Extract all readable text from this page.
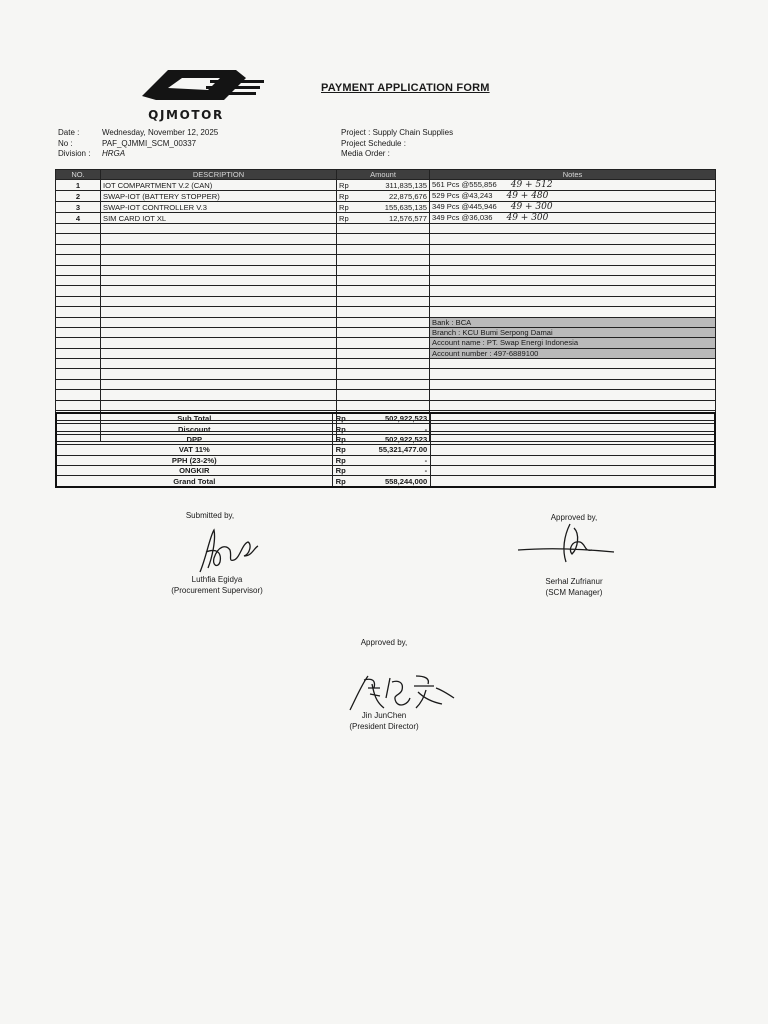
QJMOTOR
PAYMENT APPLICATION FORM
Date :	Wednesday, November 12, 2025
No :	PAF_QJMMI_SCM_00337
Division :	HRGA
Project : Supply Chain Supplies
Project Schedule :
Media Order :
NO.	DESCRIPTION	Amount		Notes
1	IOT COMPARTMENT V.2 (CAN)	Rp	311,835,135	561 Pcs @555,856 49 + 512
2	SWAP-IOT (BATTERY STOPPER)	Rp	22,875,676	529 Pcs @43,243 49 + 480
3	SWAP-IOT CONTROLLER V.3	Rp	155,635,135	349 Pcs @445,946 49 + 300
4	SIM CARD IOT XL	Rp	12,576,577	349 Pcs @36,036 49 + 300

				Bank : BCA
				Branch : KCU Bumi Serpong Damai
				Account name : PT. Swap Energi Indonesia
				Account number : 497-6889100

Sub Total	Rp	502,922,523	
Discount	Rp	-	
DPP	Rp	502,922,523	
VAT 11%	Rp	55,321,477.00	
PPH (23-2%)	Rp	-	
ONGKIR	Rp	-	
Grand Total	Rp	558,244,000	
Submitted by,
Luthfia Egidya
(Procurement Supervisor)
Approved by,
Serhal Zufrianur
(SCM Manager)
Approved by,
Jin JunChen
(President Director)
